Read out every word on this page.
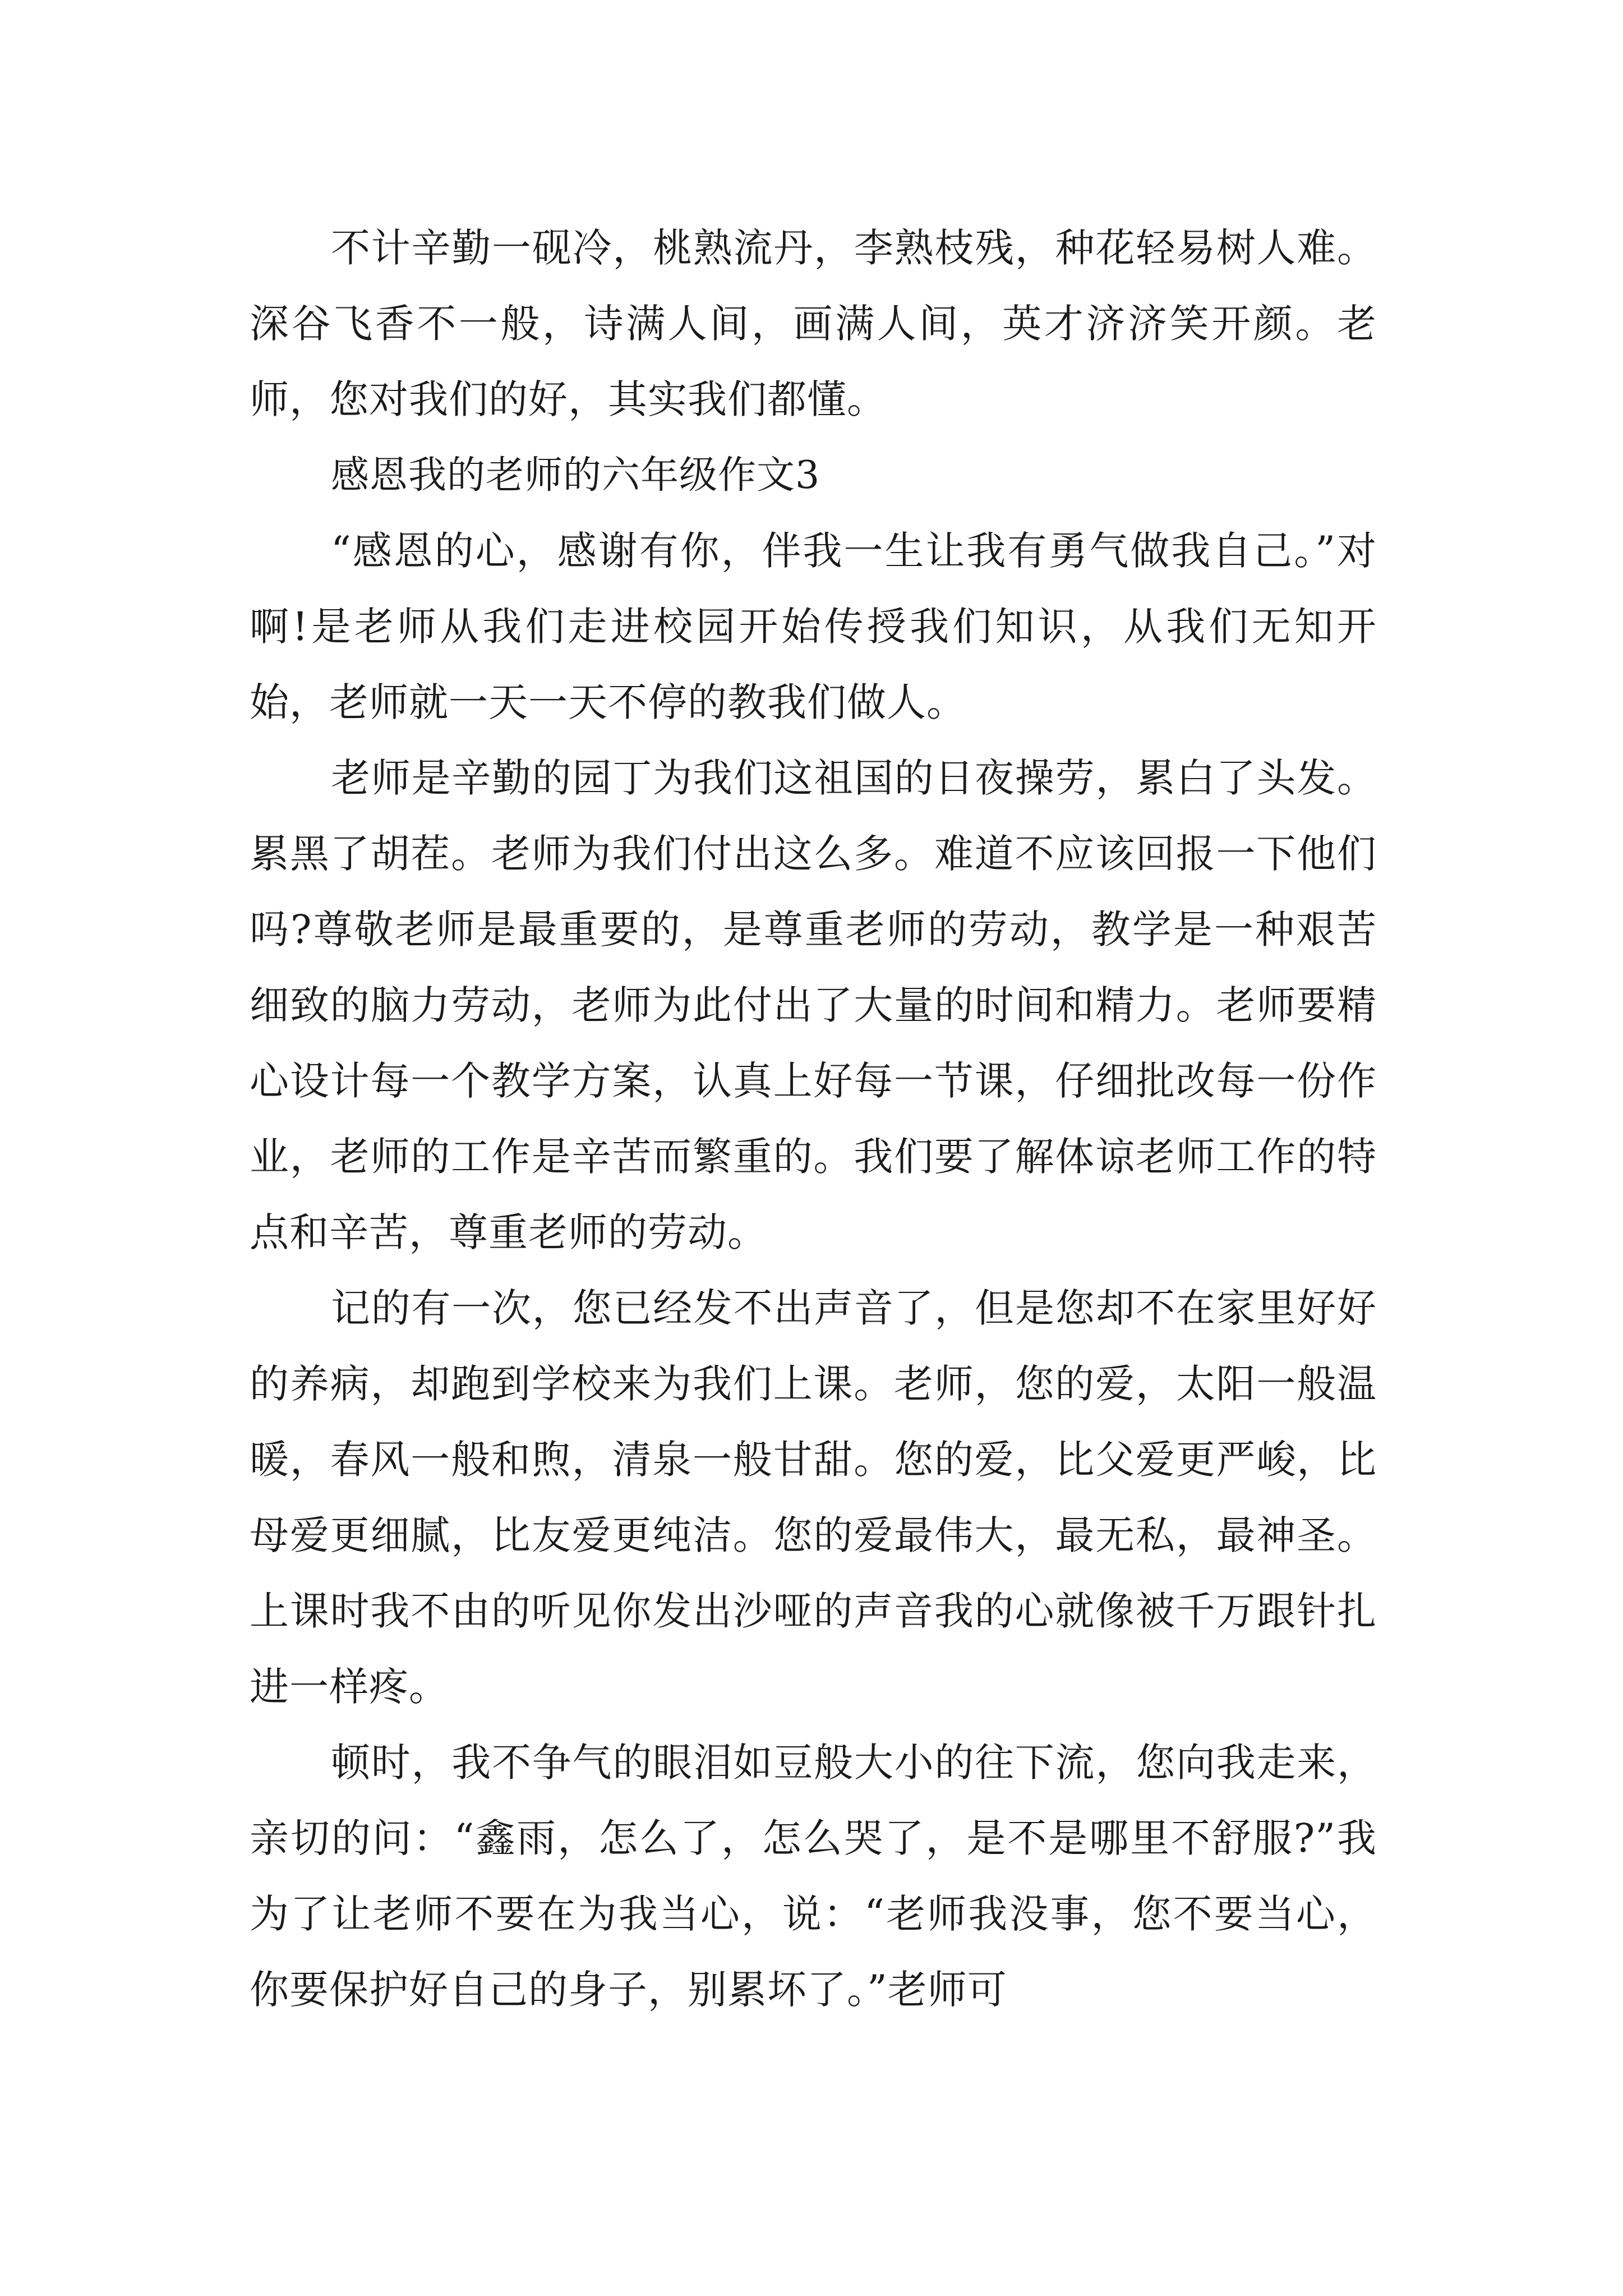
不计辛勤一砚冷，桃熟流丹，李熟枝残，种花轻易树人难。深谷飞香不一般，诗满人间，画满人间，英才济济笑开颜。老师，您对我们的好，其实我们都懂。

感恩我的老师的六年级作文3

“感恩的心，感谢有你，伴我一生让我有勇气做我自己。”对啊!是老师从我们走进校园开始传授我们知识，从我们无知开始，老师就一天一天不停的教我们做人。

老师是辛勤的园丁为我们这祖国的日夜操劳，累白了头发。累黑了胡茬。老师为我们付出这么多。难道不应该回报一下他们吗?尊敬老师是最重要的，是尊重老师的劳动，教学是一种艰苦细致的脑力劳动，老师为此付出了大量的时间和精力。老师要精心设计每一个教学方案，认真上好每一节课，仔细批改每一份作业，老师的工作是辛苦而繁重的。我们要了解体谅老师工作的特点和辛苦，尊重老师的劳动。

记的有一次，您已经发不出声音了，但是您却不在家里好好的养病，却跑到学校来为我们上课。老师，您的爱，太阳一般温暖，春风一般和煦，清泉一般甘甜。您的爱，比父爱更严峻，比母爱更细腻，比友爱更纯洁。您的爱最伟大，最无私，最神圣。上课时我不由的听见你发出沙哑的声音我的心就像被千万跟针扎进一样疼。

顿时，我不争气的眼泪如豆般大小的往下流，您向我走来，亲切的问：“鑫雨，怎么了，怎么哭了，是不是哪里不舒服?”我为了让老师不要在为我当心，说：“老师我没事，您不要当心，你要保护好自己的身子，别累坏了。”老师可
